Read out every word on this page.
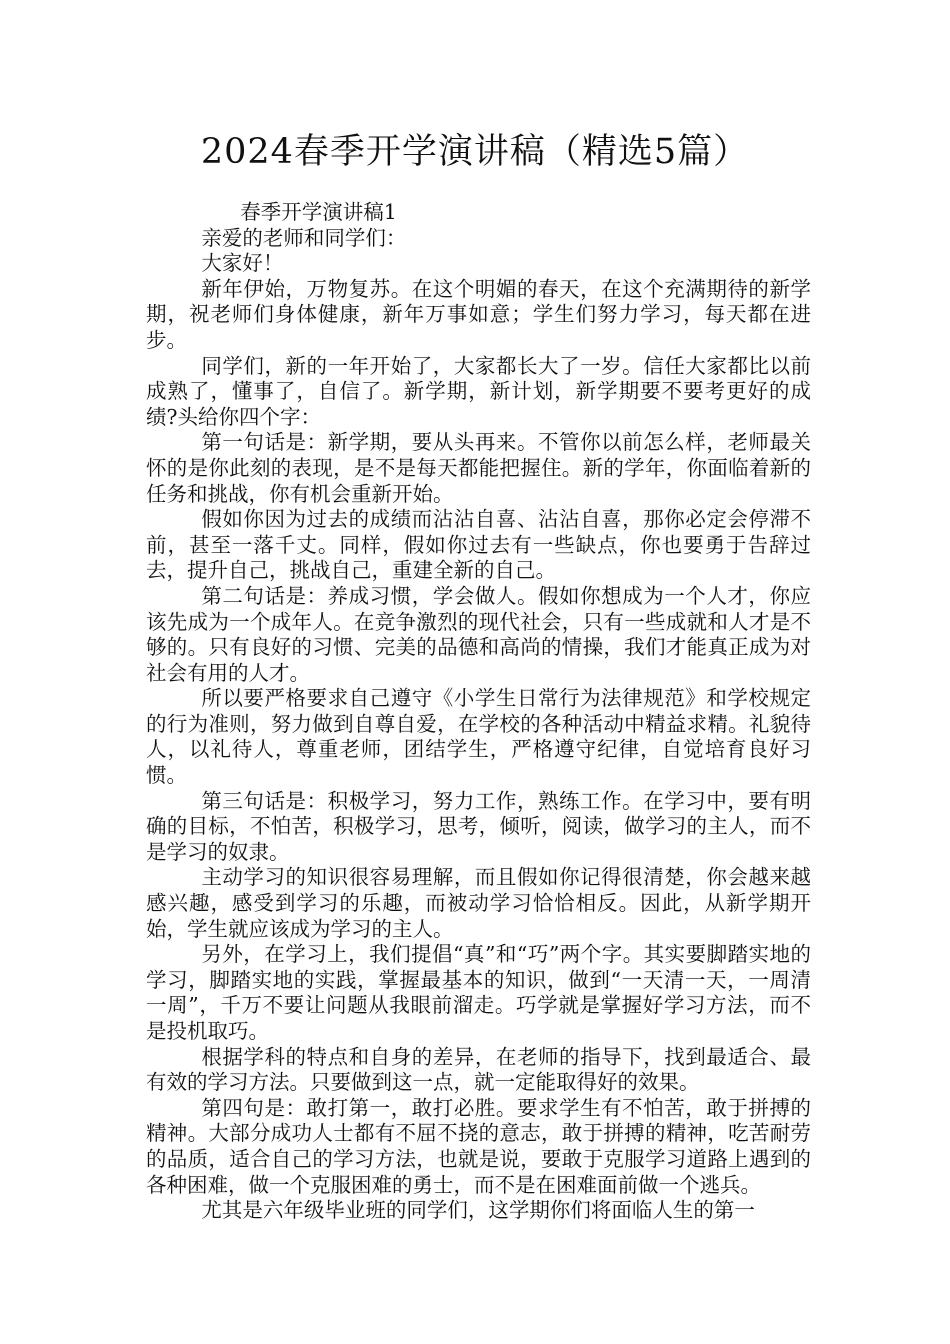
2024春季开学演讲稿（精选5篇）

春季开学演讲稿1

亲爱的老师和同学们：

大家好！

新年伊始，万物复苏。在这个明媚的春天，在这个充满期待的新学期，祝老师们身体健康，新年万事如意；学生们努力学习，每天都在进步。

同学们，新的一年开始了，大家都长大了一岁。信任大家都比以前成熟了，懂事了，自信了。新学期，新计划，新学期要不要考更好的成绩?头给你四个字：

第一句话是：新学期，要从头再来。不管你以前怎么样，老师最关怀的是你此刻的表现，是不是每天都能把握住。新的学年，你面临着新的任务和挑战，你有机会重新开始。

假如你因为过去的成绩而沾沾自喜、沾沾自喜，那你必定会停滞不前，甚至一落千丈。同样，假如你过去有一些缺点，你也要勇于告辞过去，提升自己，挑战自己，重建全新的自己。

第二句话是：养成习惯，学会做人。假如你想成为一个人才，你应该先成为一个成年人。在竞争激烈的现代社会，只有一些成就和人才是不够的。只有良好的习惯、完美的品德和高尚的情操，我们才能真正成为对社会有用的人才。

所以要严格要求自己遵守《小学生日常行为法律规范》和学校规定的行为准则，努力做到自尊自爱，在学校的各种活动中精益求精。礼貌待人，以礼待人，尊重老师，团结学生，严格遵守纪律，自觉培育良好习惯。

第三句话是：积极学习，努力工作，熟练工作。在学习中，要有明确的目标，不怕苦，积极学习，思考，倾听，阅读，做学习的主人，而不是学习的奴隶。

主动学习的知识很容易理解，而且假如你记得很清楚，你会越来越感兴趣，感受到学习的乐趣，而被动学习恰恰相反。因此，从新学期开始，学生就应该成为学习的主人。

另外，在学习上，我们提倡“真”和“巧”两个字。其实要脚踏实地的学习，脚踏实地的实践，掌握最基本的知识，做到“一天清一天，一周清一周”，千万不要让问题从我眼前溜走。巧学就是掌握好学习方法，而不是投机取巧。

根据学科的特点和自身的差异，在老师的指导下，找到最适合、最有效的学习方法。只要做到这一点，就一定能取得好的效果。

第四句是：敢打第一，敢打必胜。要求学生有不怕苦，敢于拼搏的精神。大部分成功人士都有不屈不挠的意志，敢于拼搏的精神，吃苦耐劳的品质，适合自己的学习方法，也就是说，要敢于克服学习道路上遇到的各种困难，做一个克服困难的勇士，而不是在困难面前做一个逃兵。

尤其是六年级毕业班的同学们，这学期你们将面临人生的第一
